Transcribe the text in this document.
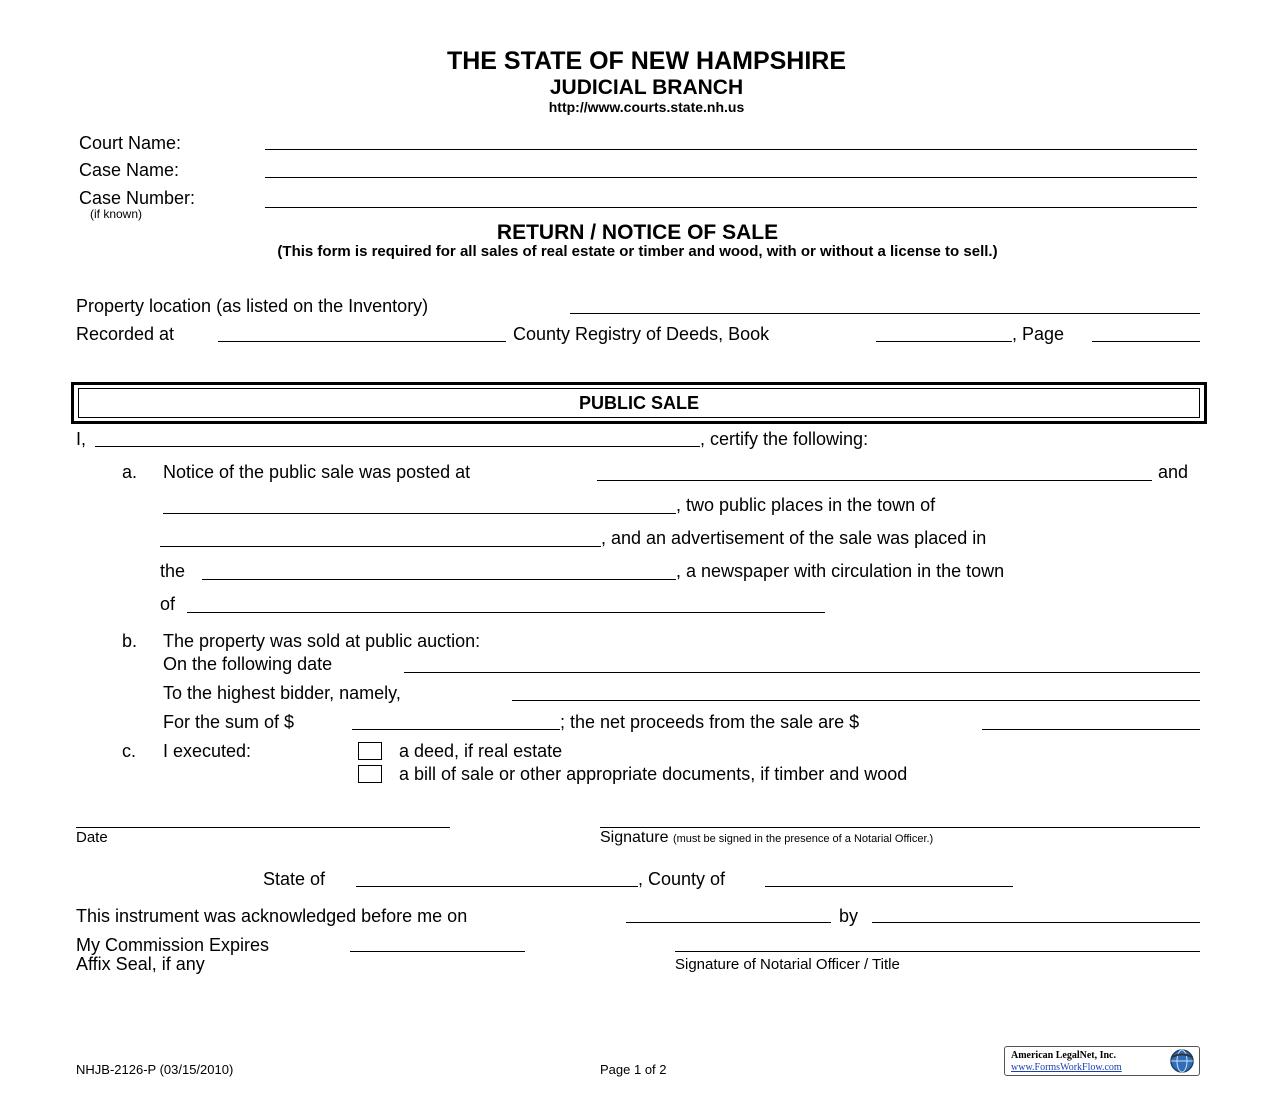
THE STATE OF NEW HAMPSHIRE
JUDICIAL BRANCH
http://www.courts.state.nh.us
Court Name:
Case Name:
Case Number:
(if known)
RETURN / NOTICE OF SALE
(This form is required for all sales of real estate or timber and wood, with or without a license to sell.)
Property location (as listed on the Inventory)
Recorded at	County Registry of Deeds, Book	, Page
PUBLIC SALE
I,	, certify the following:
a. Notice of the public sale was posted at	and
, two public places in the town of
, and an advertisement of the sale was placed in
the	, a newspaper with circulation in the town
of
b. The property was sold at public auction:
On the following date
To the highest bidder, namely,
For the sum of $	; the net proceeds from the sale are $
c. I executed:	a deed, if real estate
a bill of sale or other appropriate documents, if timber and wood
Date	Signature (must be signed in the presence of a Notarial Officer.)
State of	, County of
This instrument was acknowledged before me on	by
My Commission Expires
Affix Seal, if any	Signature of Notarial Officer / Title
NHJB-2126-P (03/15/2010)	Page 1 of 2
American LegalNet, Inc.
www.FormsWorkFlow.com
